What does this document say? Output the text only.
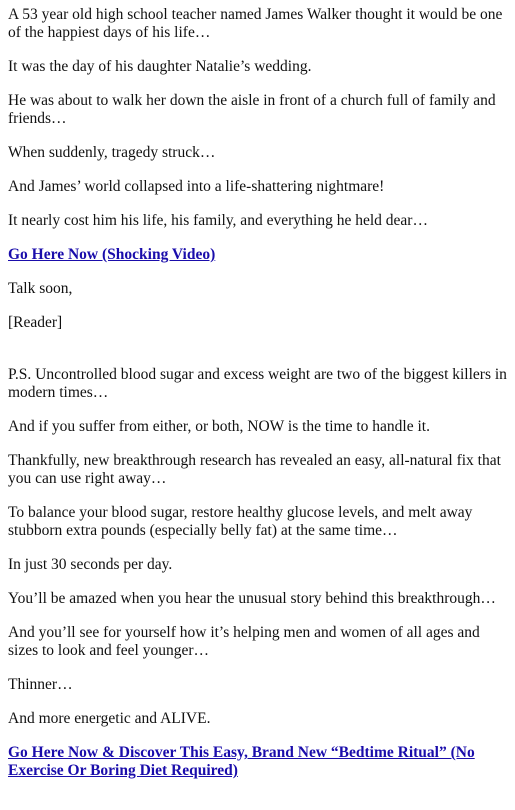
A 53 year old high school teacher named James Walker thought it would be one of the happiest days of his life…

It was the day of his daughter Natalie’s wedding.

He was about to walk her down the aisle in front of a church full of family and friends…

When suddenly, tragedy struck…

And James’ world collapsed into a life-shattering nightmare!

It nearly cost him his life, his family, and everything he held dear…

Go Here Now (Shocking Video)

Talk soon,

[Reader]

P.S. Uncontrolled blood sugar and excess weight are two of the biggest killers in modern times…

And if you suffer from either, or both, NOW is the time to handle it.

Thankfully, new breakthrough research has revealed an easy, all-natural fix that you can use right away…

To balance your blood sugar, restore healthy glucose levels, and melt away stubborn extra pounds (especially belly fat) at the same time…

In just 30 seconds per day.

You’ll be amazed when you hear the unusual story behind this breakthrough…

And you’ll see for yourself how it’s helping men and women of all ages and sizes to look and feel younger…

Thinner…

And more energetic and ALIVE.

Go Here Now & Discover This Easy, Brand New “Bedtime Ritual” (No Exercise Or Boring Diet Required)
